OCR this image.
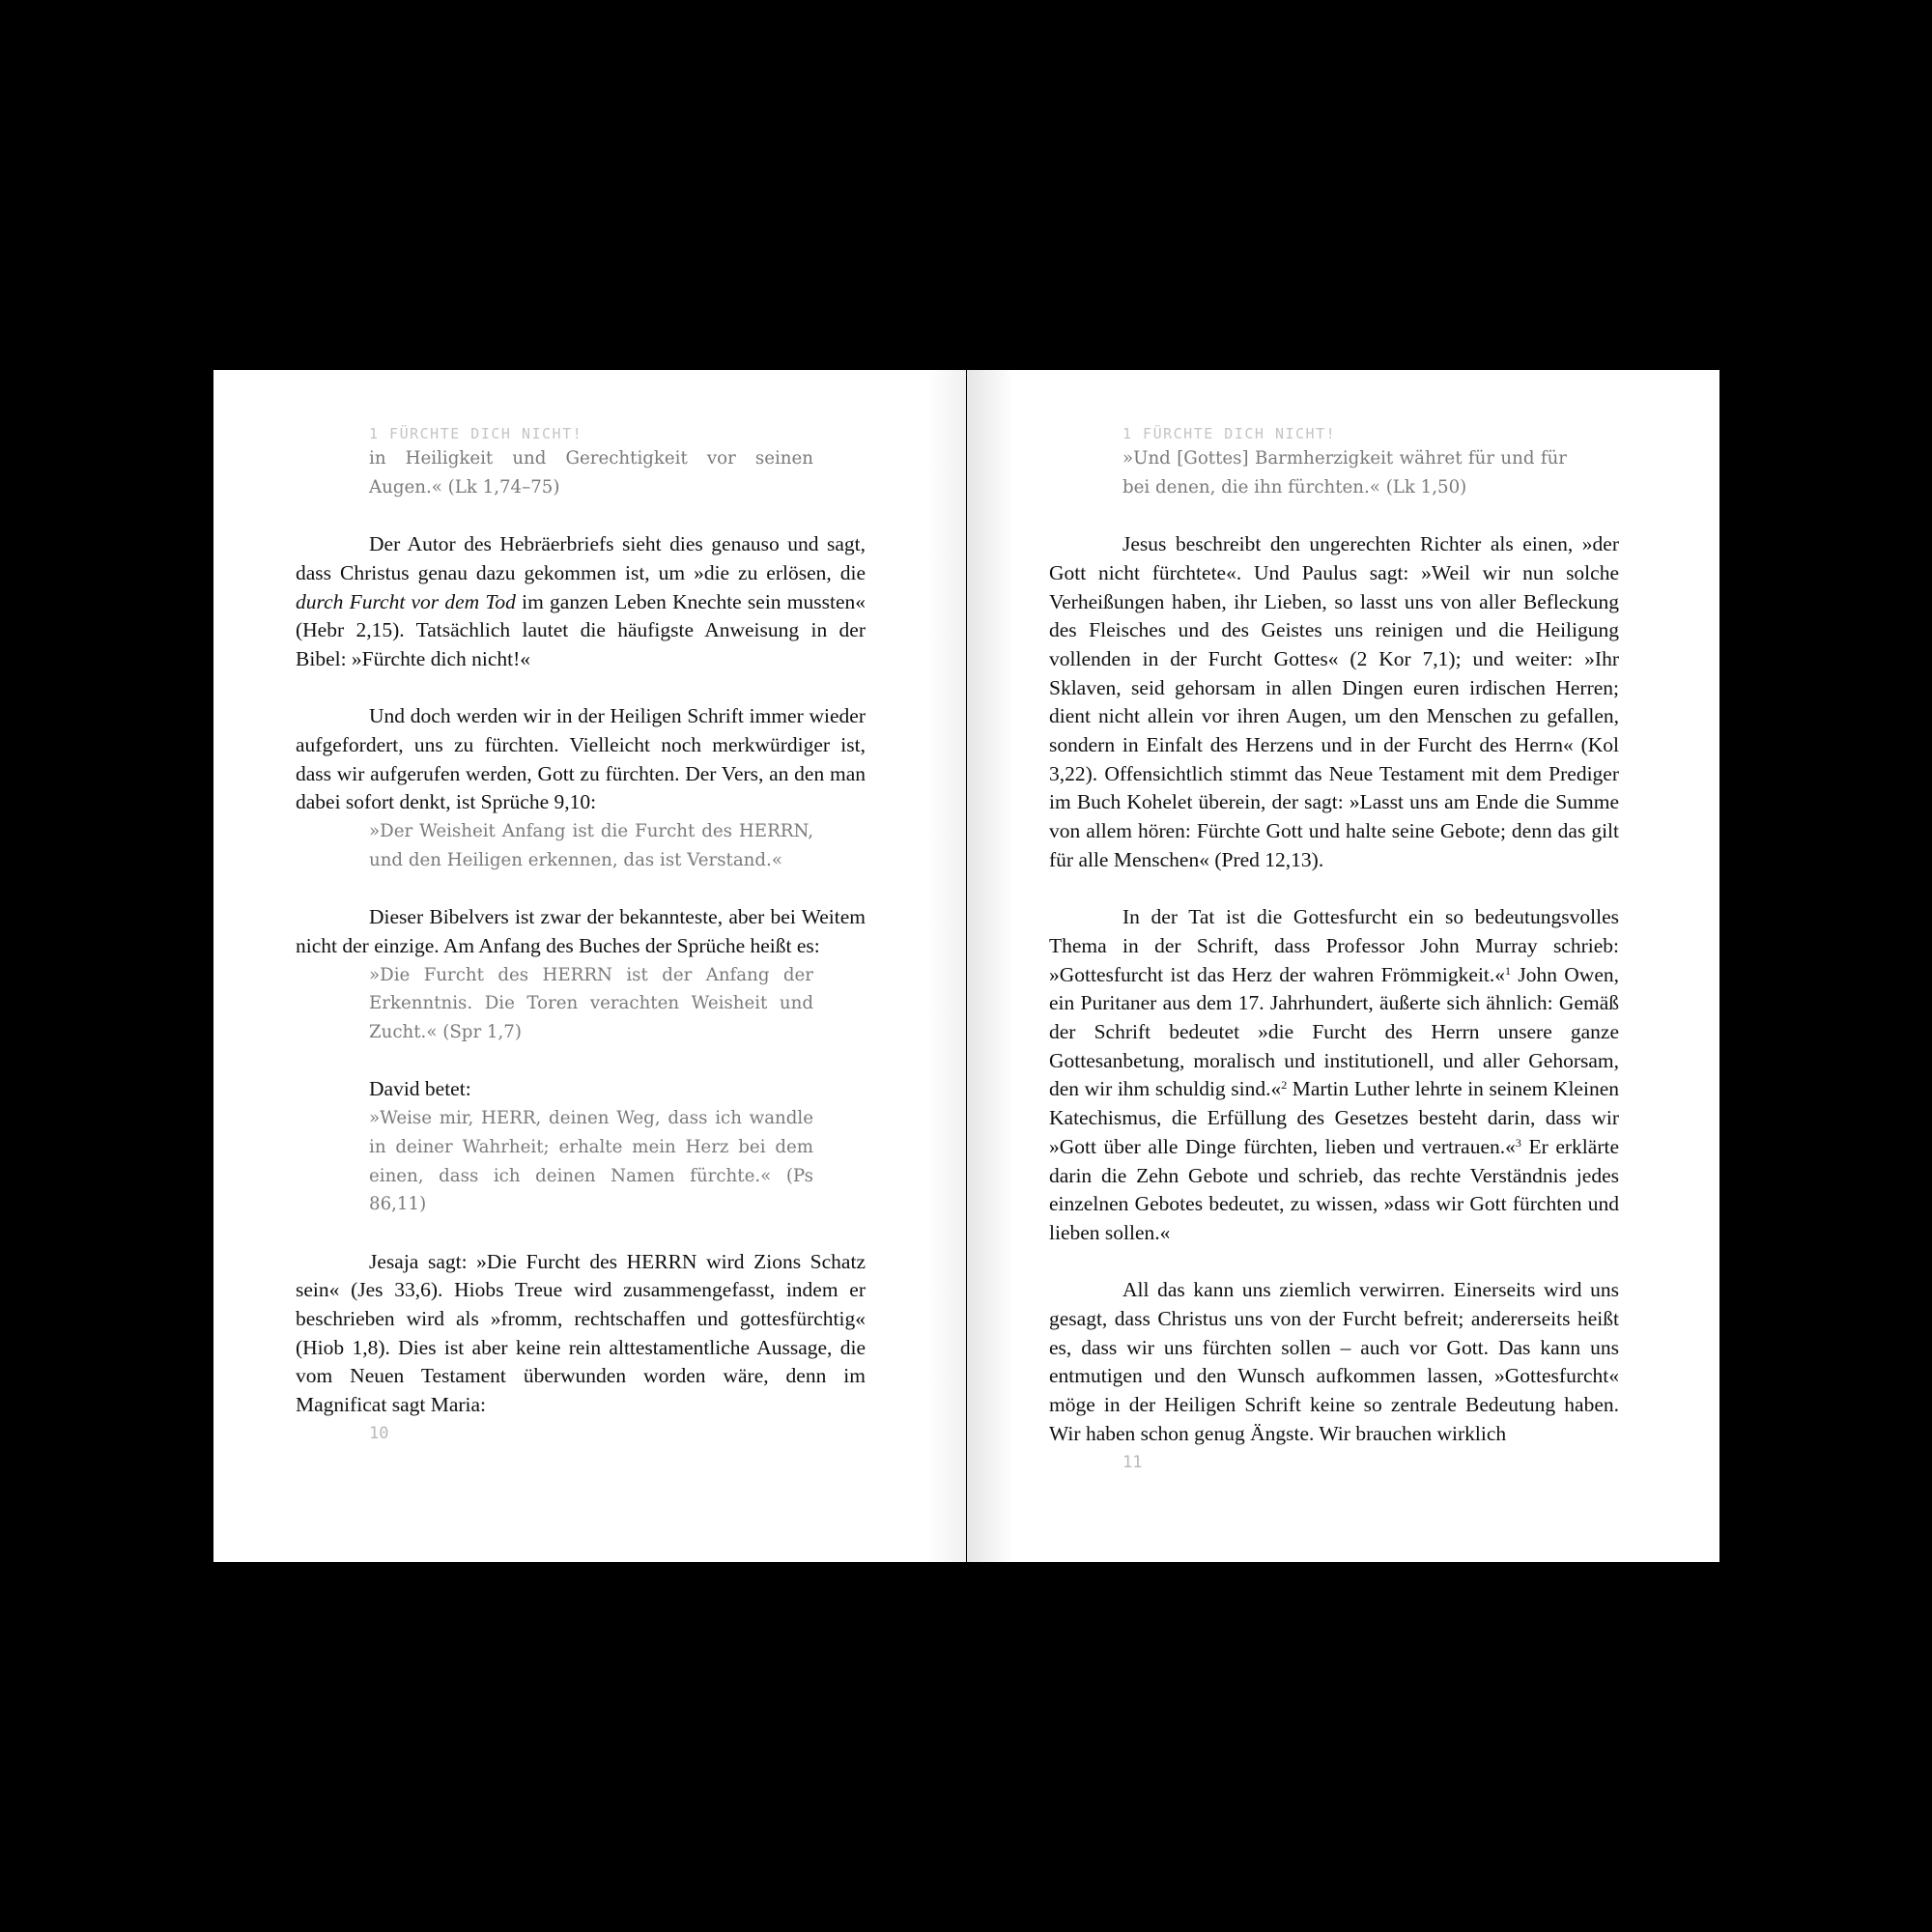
1 FÜRCHTE DICH NICHT!
in Heiligkeit und Gerechtigkeit vor seinen Augen.« (Lk 1,74–75)
Der Autor des Hebräerbriefs sieht dies genauso und sagt, dass Christus genau dazu gekommen ist, um »die zu erlösen, die durch Furcht vor dem Tod im ganzen Leben Knechte sein mussten« (Hebr 2,15). Tatsächlich lautet die häufigste Anweisung in der Bibel: »Fürchte dich nicht!«
Und doch werden wir in der Heiligen Schrift immer wieder aufgefordert, uns zu fürchten. Vielleicht noch merkwürdiger ist, dass wir aufgerufen werden, Gott zu fürchten. Der Vers, an den man dabei sofort denkt, ist Sprüche 9,10:
»Der Weisheit Anfang ist die Furcht des HERRN, und den Heiligen erkennen, das ist Verstand.«
Dieser Bibelvers ist zwar der bekannteste, aber bei Weitem nicht der einzige. Am Anfang des Buches der Sprüche heißt es:
»Die Furcht des HERRN ist der Anfang der Erkenntnis. Die Toren verachten Weisheit und Zucht.« (Spr 1,7)
David betet:
»Weise mir, HERR, deinen Weg, dass ich wandle in deiner Wahrheit; erhalte mein Herz bei dem einen, dass ich deinen Namen fürchte.« (Ps 86,11)
Jesaja sagt: »Die Furcht des HERRN wird Zions Schatz sein« (Jes 33,6). Hiobs Treue wird zusammengefasst, indem er beschrieben wird als »fromm, rechtschaffen und gottesfürchtig« (Hiob 1,8). Dies ist aber keine rein alttestamentliche Aussage, die vom Neuen Testament überwunden worden wäre, denn im Magnificat sagt Maria:
10
1 FÜRCHTE DICH NICHT!
»Und [Gottes] Barmherzigkeit währet für und für bei denen, die ihn fürchten.« (Lk 1,50)
Jesus beschreibt den ungerechten Richter als einen, »der Gott nicht fürchtete«. Und Paulus sagt: »Weil wir nun solche Verheißungen haben, ihr Lieben, so lasst uns von aller Befleckung des Fleisches und des Geistes uns reinigen und die Heiligung vollenden in der Furcht Gottes« (2 Kor 7,1); und weiter: »Ihr Sklaven, seid gehorsam in allen Dingen euren irdischen Herren; dient nicht allein vor ihren Augen, um den Menschen zu gefallen, sondern in Einfalt des Herzens und in der Furcht des Herrn« (Kol 3,22). Offensichtlich stimmt das Neue Testament mit dem Prediger im Buch Kohelet überein, der sagt: »Lasst uns am Ende die Summe von allem hören: Fürchte Gott und halte seine Gebote; denn das gilt für alle Menschen« (Pred 12,13).
In der Tat ist die Gottesfurcht ein so bedeutungsvolles Thema in der Schrift, dass Professor John Murray schrieb: »Gottesfurcht ist das Herz der wahren Frömmigkeit.«$^1$ John Owen, ein Puritaner aus dem 17. Jahrhundert, äußerte sich ähnlich: Gemäß der Schrift bedeutet »die Furcht des Herrn unsere ganze Gottesanbetung, moralisch und institutionell, und aller Gehorsam, den wir ihm schuldig sind.«$^2$ Martin Luther lehrte in seinem Kleinen Katechismus, die Erfüllung des Gesetzes besteht darin, dass wir »Gott über alle Dinge fürchten, lieben und vertrauen.«$^3$ Er erklärte darin die Zehn Gebote und schrieb, das rechte Verständnis jedes einzelnen Gebotes bedeutet, zu wissen, »dass wir Gott fürchten und lieben sollen.«
All das kann uns ziemlich verwirren. Einerseits wird uns gesagt, dass Christus uns von der Furcht befreit; andererseits heißt es, dass wir uns fürchten sollen – auch vor Gott. Das kann uns entmutigen und den Wunsch aufkommen lassen, »Gottesfurcht« möge in der Heiligen Schrift keine so zentrale Bedeutung haben. Wir haben schon genug Ängste. Wir brauchen wirklich
11
